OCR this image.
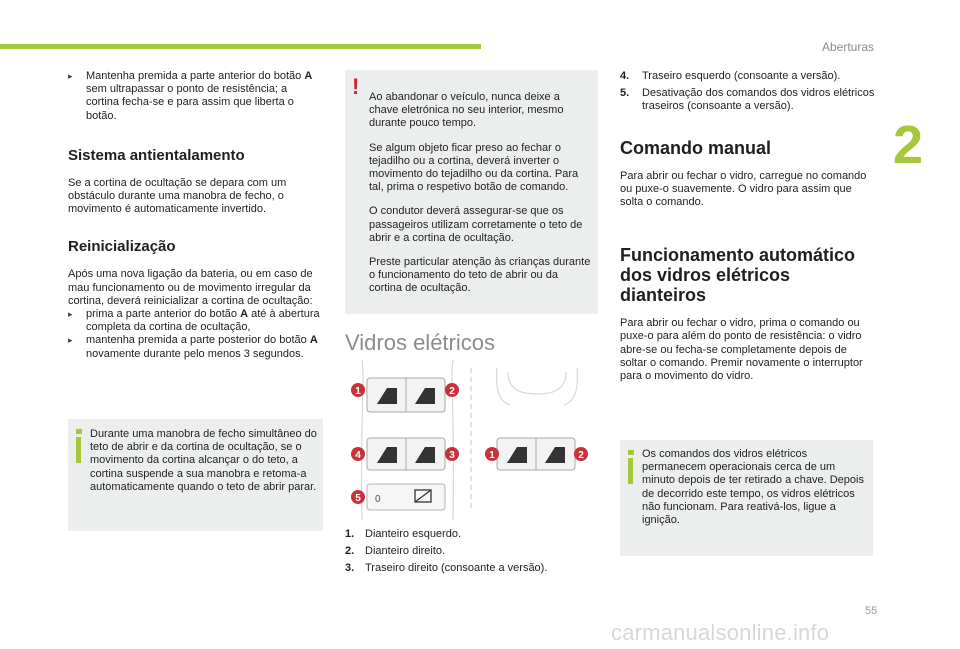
Aberturas
2
▸	Mantenha premida a parte anterior do botão A sem ultrapassar o ponto de resistência; a cortina fecha-se e para assim que liberta o botão.
Sistema antientalamento

Se a cortina de ocultação se depara com um obstáculo durante uma manobra de fecho, o movimento é automaticamente invertido.

Reinicialização

Após uma nova ligação da bateria, ou em caso de mau funcionamento ou de movimento irregular da cortina, deverá reinicializar a cortina de ocultação:

▸	prima a parte anterior do botão A até à abertura completa da cortina de ocultação,
▸	mantenha premida a parte posterior do botão A novamente durante pelo menos 3 segundos.

Durante uma manobra de fecho simultâneo do teto de abrir e da cortina de ocultação, se o movimento da cortina alcançar o do teto, a cortina suspende a sua manobra e retoma-a automaticamente quando o teto de abrir parar.

! Ao abandonar o veículo, nunca deixe a chave eletrónica no seu interior, mesmo durante pouco tempo.

Se algum objeto ficar preso ao fechar o tejadilho ou a cortina, deverá inverter o movimento do tejadilho ou da cortina. Para tal, prima o respetivo botão de comando.

O condutor deverá assegurar-se que os passageiros utilizam corretamente o teto de abrir e a cortina de ocultação.

Preste particular atenção às crianças durante o funcionamento do teto de abrir ou da cortina de ocultação.

Vidros elétricos
0
1	2
4	3
5
1	2
1. Dianteiro esquerdo.
2. Dianteiro direito.
3. Traseiro direito (consoante a versão).
4.	Traseiro esquerdo (consoante a versão).
5.	Desativação dos comandos dos vidros elétricos traseiros (consoante a versão).
Comando manual

Para abrir ou fechar o vidro, carregue no comando ou puxe-o suavemente. O vidro para assim que solta o comando.

Funcionamento automático
dos vidros elétricos
dianteiros

Para abrir ou fechar o vidro, prima o comando ou puxe-o para além do ponto de resistência: o vidro abre-se ou fecha-se completamente depois de soltar o comando. Premir novamente o interruptor para o movimento do vidro.

Os comandos dos vidros elétricos permanecem operacionais cerca de um minuto depois de ter retirado a chave. Depois de decorrido este tempo, os vidros elétricos não funcionam. Para reativá-los, ligue a ignição.

55
carmanualsonline.info
